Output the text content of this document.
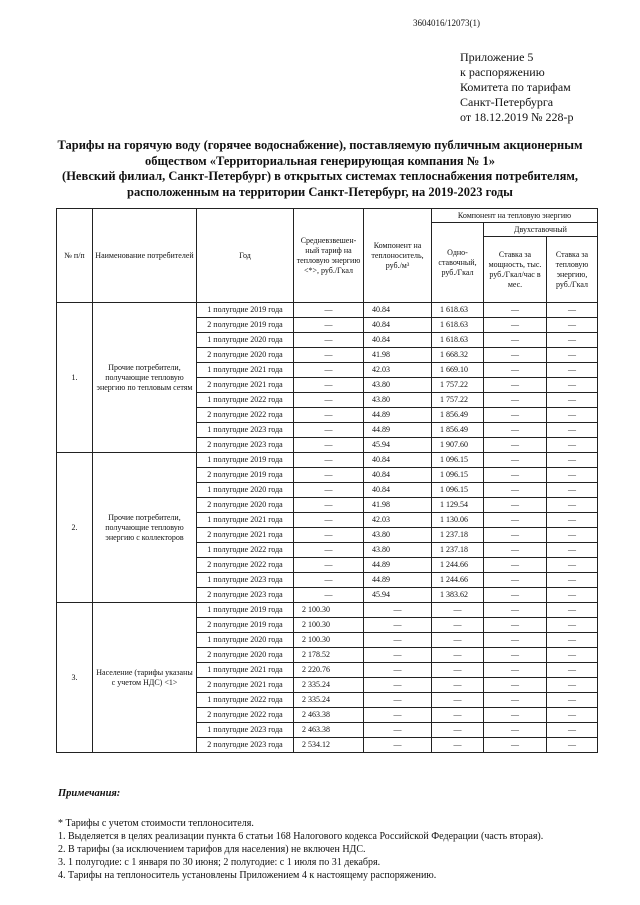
3604016/12073(1)
Приложение 5
к распоряжению
Комитета по тарифам
Санкт-Петербурга
от 18.12.2019 № 228-р
Тарифы на горячую воду (горячее водоснабжение), поставляемую публичным акционерным
обществом «Территориальная генерирующая компания № 1»
(Невский филиал, Санкт-Петербург) в открытых системах теплоснабжения потребителям,
расположенным на территории Санкт-Петербург, на 2019-2023 годы
№ п/п	Наименование потребителей	Год	Средневзвешен-ный тариф на тепловую энергию <*>, руб./Гкал	Компонент на теплоноситель, руб./м³	Компонент на тепловую энергию		
					Одно-ставочный, руб./Гкал	Двухставочный	
						Ставка за мощность, тыс. руб./Гкал/час в мес.	Ставка за тепловую энергию, руб./Гкал
1.	Прочие потребители, получающие тепловую энергию по тепловым сетям	1 полугодие 2019 года	—	40.84	1 618.63	—	—
		2 полугодие 2019 года	—	40.84	1 618.63	—	—
		1 полугодие 2020 года	—	40.84	1 618.63	—	—
		2 полугодие 2020 года	—	41.98	1 668.32	—	—
		1 полугодие 2021 года	—	42.03	1 669.10	—	—
		2 полугодие 2021 года	—	43.80	1 757.22	—	—
		1 полугодие 2022 года	—	43.80	1 757.22	—	—
		2 полугодие 2022 года	—	44.89	1 856.49	—	—
		1 полугодие 2023 года	—	44.89	1 856.49	—	—
		2 полугодие 2023 года	—	45.94	1 907.60	—	—
2.	Прочие потребители, получающие тепловую энергию с коллекторов	1 полугодие 2019 года	—	40.84	1 096.15	—	—
		2 полугодие 2019 года	—	40.84	1 096.15	—	—
		1 полугодие 2020 года	—	40.84	1 096.15	—	—
		2 полугодие 2020 года	—	41.98	1 129.54	—	—
		1 полугодие 2021 года	—	42.03	1 130.06	—	—
		2 полугодие 2021 года	—	43.80	1 237.18	—	—
		1 полугодие 2022 года	—	43.80	1 237.18	—	—
		2 полугодие 2022 года	—	44.89	1 244.66	—	—
		1 полугодие 2023 года	—	44.89	1 244.66	—	—
		2 полугодие 2023 года	—	45.94	1 383.62	—	—
3.	Население (тарифы указаны с учетом НДС) <1>	1 полугодие 2019 года	2 100.30	—	—	—	—
		2 полугодие 2019 года	2 100.30	—	—	—	—
		1 полугодие 2020 года	2 100.30	—	—	—	—
		2 полугодие 2020 года	2 178.52	—	—	—	—
		1 полугодие 2021 года	2 220.76	—	—	—	—
		2 полугодие 2021 года	2 335.24	—	—	—	—
		1 полугодие 2022 года	2 335.24	—	—	—	—
		2 полугодие 2022 года	2 463.38	—	—	—	—
		1 полугодие 2023 года	2 463.38	—	—	—	—
		2 полугодие 2023 года	2 534.12	—	—	—	—
Примечания:
* Тарифы с учетом стоимости теплоносителя.
1. Выделяется в целях реализации пункта 6 статьи 168 Налогового кодекса Российской Федерации (часть вторая).
2. В тарифы (за исключением тарифов для населения) не включен НДС.
3. 1 полугодие: с 1 января по 30 июня; 2 полугодие: с 1 июля по 31 декабря.
4. Тарифы на теплоноситель установлены Приложением 4 к настоящему распоряжению.
